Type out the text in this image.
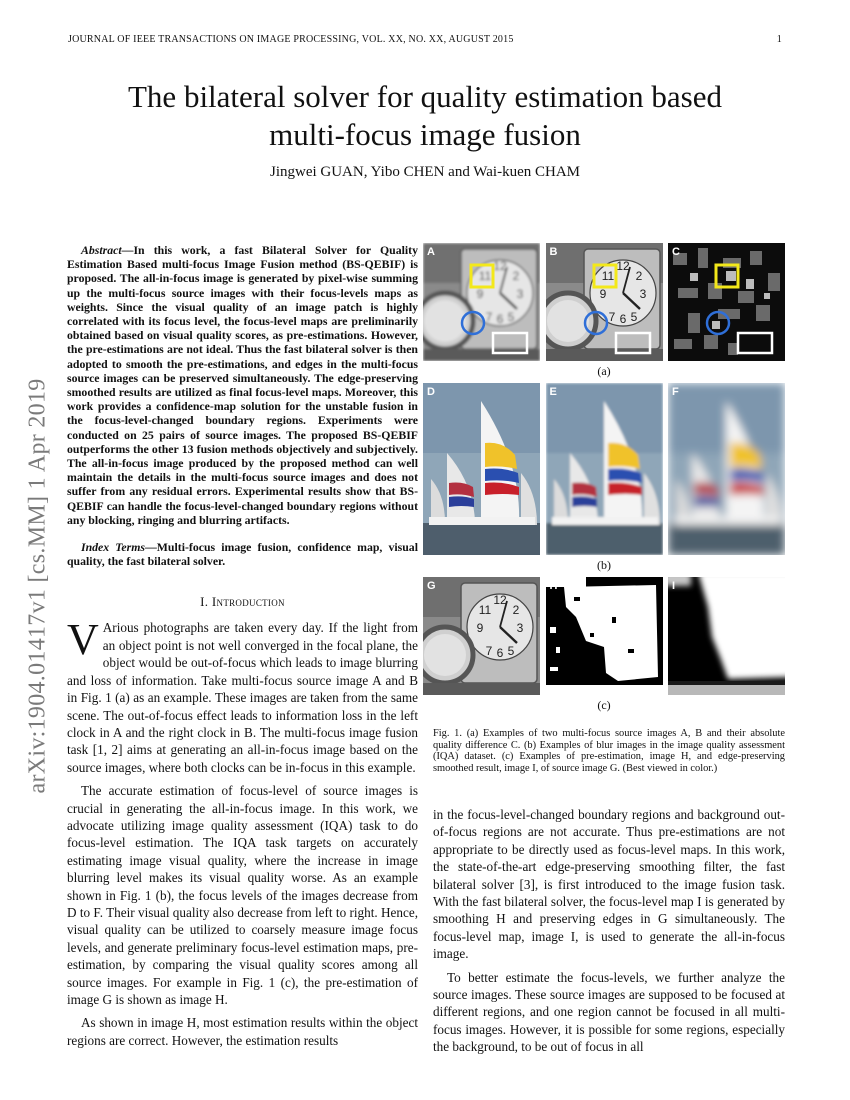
JOURNAL OF IEEE TRANSACTIONS ON IMAGE PROCESSING, VOL. XX, NO. XX, AUGUST 2015	1
The bilateral solver for quality estimation based
multi-focus image fusion
Jingwei GUAN, Yibo CHEN and Wai-kuen CHAM
arXiv:1904.01417v1 [cs.MM] 1 Apr 2019

Abstract—In this work, a fast Bilateral Solver for Quality Estimation Based multi-focus Image Fusion method (BS-QEBIF) is proposed. The all-in-focus image is generated by pixel-wise summing up the multi-focus source images with their focus-levels maps as weights. Since the visual quality of an image patch is highly correlated with its focus level, the focus-level maps are preliminarily obtained based on visual quality scores, as pre-estimations. However, the pre-estimations are not ideal. Thus the fast bilateral solver is then adopted to smooth the pre-estimations, and edges in the multi-focus source images can be preserved simultaneously. The edge-preserving smoothed results are utilized as final focus-level maps. Moreover, this work provides a confidence-map solution for the unstable fusion in the focus-level-changed boundary regions. Experiments were conducted on 25 pairs of source images. The proposed BS-QEBIF outperforms the other 13 fusion methods objectively and subjectively. The all-in-focus image produced by the proposed method can well maintain the details in the multi-focus source images and does not suffer from any residual errors. Experimental results show that BS-QEBIF can handle the focus-level-changed boundary regions without any blocking, ringing and blurring artifacts.

Index Terms—Multi-focus image fusion, confidence map, visual quality, the fast bilateral solver.

I. Introduction

V Arious photographs are taken every day. If the light from an object point is not well converged in the focal plane, the object would be out-of-focus which leads to image blurring and loss of information. Take multi-focus source image A and B in Fig. 1 (a) as an example. These images are taken from the same scene. The out-of-focus effect leads to information loss in the left clock in A and the right clock in B. The multi-focus image fusion task [1, 2] aims at generating an all-in-focus image based on the source images, where both clocks can be in-focus in this example.

The accurate estimation of focus-level of source images is crucial in generating the all-in-focus image. In this work, we advocate utilizing image quality assessment (IQA) task to do focus-level estimation. The IQA task targets on accurately estimating image visual quality, where the increase in image blurring level makes its visual quality worse. As an example shown in Fig. 1 (b), the focus levels of the images decrease from D to F. Their visual quality also decrease from left to right. Hence, visual quality can be utilized to coarsely measure image focus levels, and generate preliminary focus-level estimation maps, pre-estimation, by comparing the visual quality scores among all source images. For example in Fig. 1 (c), the pre-estimation of image G is shown as image H.

As shown in image H, most estimation results within the object regions are correct. However, the estimation results

A	B	C
(a)
D	E	F
(b)
G	H	I
(c)
Fig. 1. (a) Examples of two multi-focus source images A, B and their absolute quality difference C. (b) Examples of blur images in the image quality assessment (IQA) dataset. (c) Examples of pre-estimation, image H, and edge-preserving smoothed result, image I, of source image G. (Best viewed in color.)

in the focus-level-changed boundary regions and background out-of-focus regions are not accurate. Thus pre-estimations are not appropriate to be directly used as focus-level maps. In this work, the state-of-the-art edge-preserving smoothing filter, the fast bilateral solver [3], is first introduced to the image fusion task. With the fast bilateral solver, the focus-level map I is generated by smoothing H and preserving edges in G simultaneously. The focus-level map, image I, is used to generate the all-in-focus image.

To better estimate the focus-levels, we further analyze the source images. These source images are supposed to be focused at different regions, and one region cannot be focused in all multi-focus images. However, it is possible for some regions, especially the background, to be out of focus in all
